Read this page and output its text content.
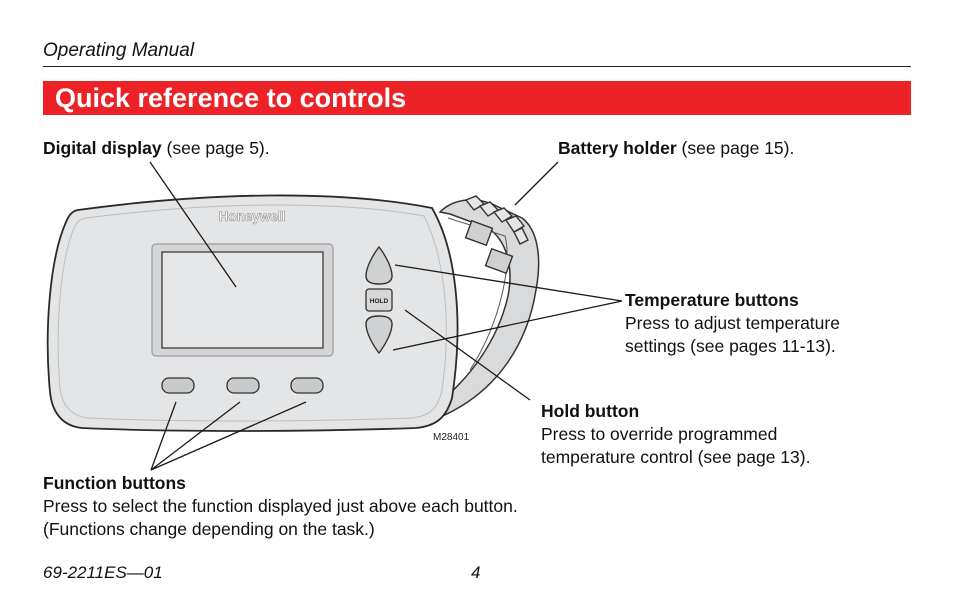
Operating Manual
Quick reference to controls
Digital display (see page 5).	Battery holder (see page 15).
Temperature buttons
Press to adjust temperature
settings (see pages 11-13).
Hold button
Press to override programmed
temperature control (see page 13).
Function buttons
Press to select the function displayed just above each button.
(Functions change depending on the task.)
Honeywell
HOLD
M28401
69-2211ES—01	4
